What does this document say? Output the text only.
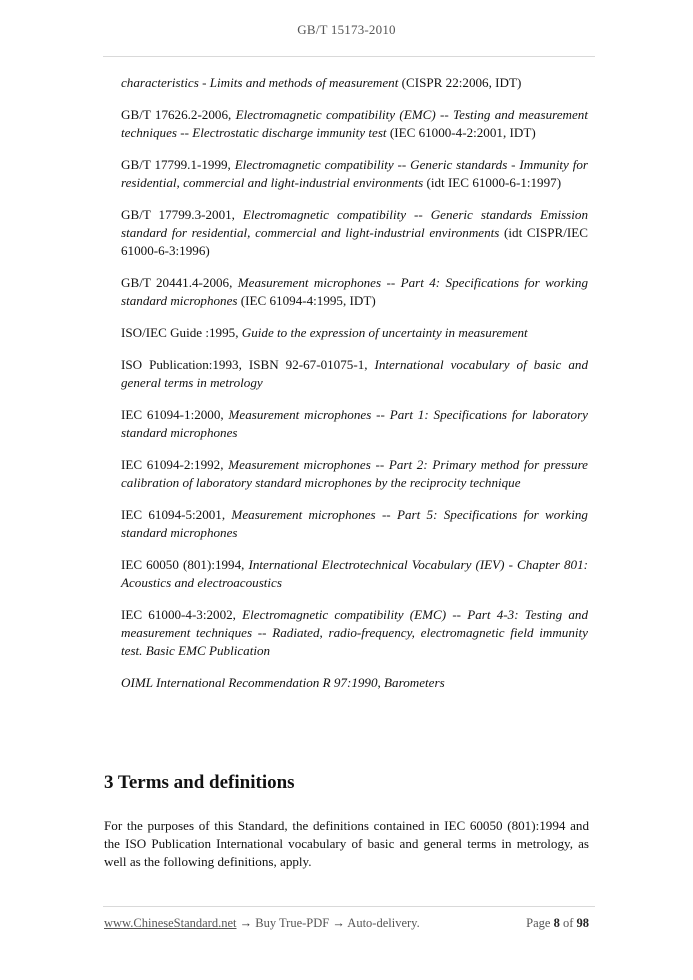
GB/T 15173-2010

characteristics - Limits and methods of measurement (CISPR 22:2006, IDT)

GB/T 17626.2-2006, Electromagnetic compatibility (EMC) -- Testing and measurement techniques -- Electrostatic discharge immunity test (IEC 61000-4-2:2001, IDT)

GB/T 17799.1-1999, Electromagnetic compatibility -- Generic standards - Immunity for residential, commercial and light-industrial environments (idt IEC 61000-6-1:1997)

GB/T 17799.3-2001, Electromagnetic compatibility -- Generic standards Emission standard for residential, commercial and light-industrial environments (idt CISPR/IEC 61000-6-3:1996)

GB/T 20441.4-2006, Measurement microphones -- Part 4: Specifications for working standard microphones (IEC 61094-4:1995, IDT)

ISO/IEC Guide :1995, Guide to the expression of uncertainty in measurement

ISO Publication:1993, ISBN 92-67-01075-1, International vocabulary of basic and general terms in metrology

IEC 61094-1:2000, Measurement microphones -- Part 1: Specifications for laboratory standard microphones

IEC 61094-2:1992, Measurement microphones -- Part 2: Primary method for pressure calibration of laboratory standard microphones by the reciprocity technique

IEC 61094-5:2001, Measurement microphones -- Part 5: Specifications for working standard microphones

IEC 60050 (801):1994, International Electrotechnical Vocabulary (IEV) - Chapter 801: Acoustics and electroacoustics

IEC 61000-4-3:2002, Electromagnetic compatibility (EMC) -- Part 4-3: Testing and measurement techniques -- Radiated, radio-frequency, electromagnetic field immunity test. Basic EMC Publication

OIML International Recommendation R 97:1990, Barometers

3 Terms and definitions

For the purposes of this Standard, the definitions contained in IEC 60050 (801):1994 and the ISO Publication International vocabulary of basic and general terms in metrology, as well as the following definitions, apply.

www.ChineseStandard.net → Buy True-PDF → Auto-delivery.	Page 8 of 98
